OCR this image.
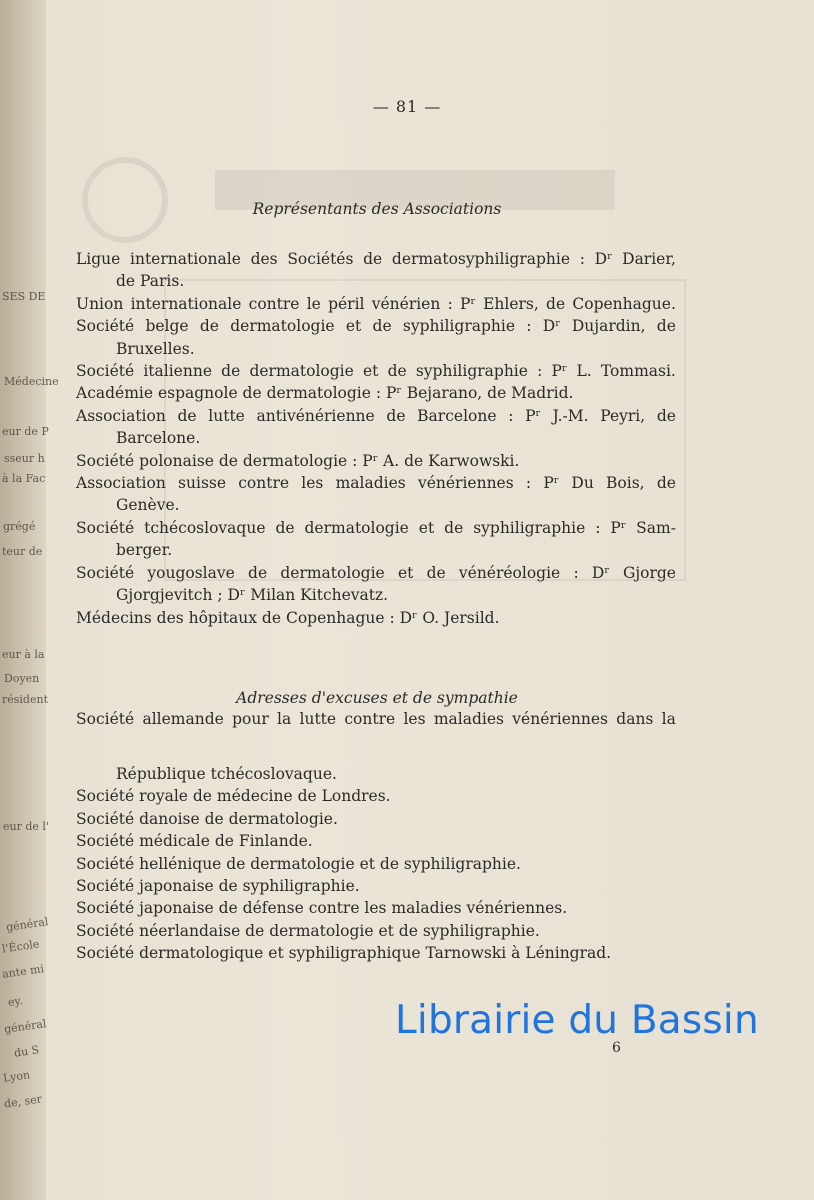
SES DE
Médecine
eur de P
sseur h
à la Fac
grégé
teur de
eur à la
Doyen
résident
eur de l'
général
l'École
ante mi
ey.
général
du S
Lyon
de, ser
— 81 —
Représentants des Associations
Ligue internationale des Sociétés de dermatosyphiligraphie : Dʳ Darier,
de Paris.
Union internationale contre le péril vénérien : Pʳ Ehlers, de Copenhague.
Société belge de dermatologie et de syphiligraphie : Dʳ Dujardin, de
Bruxelles.
Société italienne de dermatologie et de syphiligraphie : Pʳ L. Tommasi.
Académie espagnole de dermatologie : Pʳ Bejarano, de Madrid.
Association de lutte antivénérienne de Barcelone : Pʳ J.-M. Peyri, de
Barcelone.
Société polonaise de dermatologie : Pʳ A. de Karwowski.
Association suisse contre les maladies vénériennes : Pʳ Du Bois, de
Genève.
Société tchécoslovaque de dermatologie et de syphiligraphie : Pʳ Sam-
berger.
Société yougoslave de dermatologie et de vénéréologie : Dʳ Gjorge
Gjorgjevitch ; Dʳ Milan Kitchevatz.
Médecins des hôpitaux de Copenhague : Dʳ O. Jersild.
Adresses d'excuses et de sympathie
Société allemande pour la lutte contre les maladies vénériennes dans la
République tchécoslovaque.
Société royale de médecine de Londres.
Société danoise de dermatologie.
Société médicale de Finlande.
Société hellénique de dermatologie et de syphiligraphie.
Société japonaise de syphiligraphie.
Société japonaise de défense contre les maladies vénériennes.
Société néerlandaise de dermatologie et de syphiligraphie.
Société dermatologique et syphiligraphique Tarnowski à Léningrad.
Librairie du Bassin
6
